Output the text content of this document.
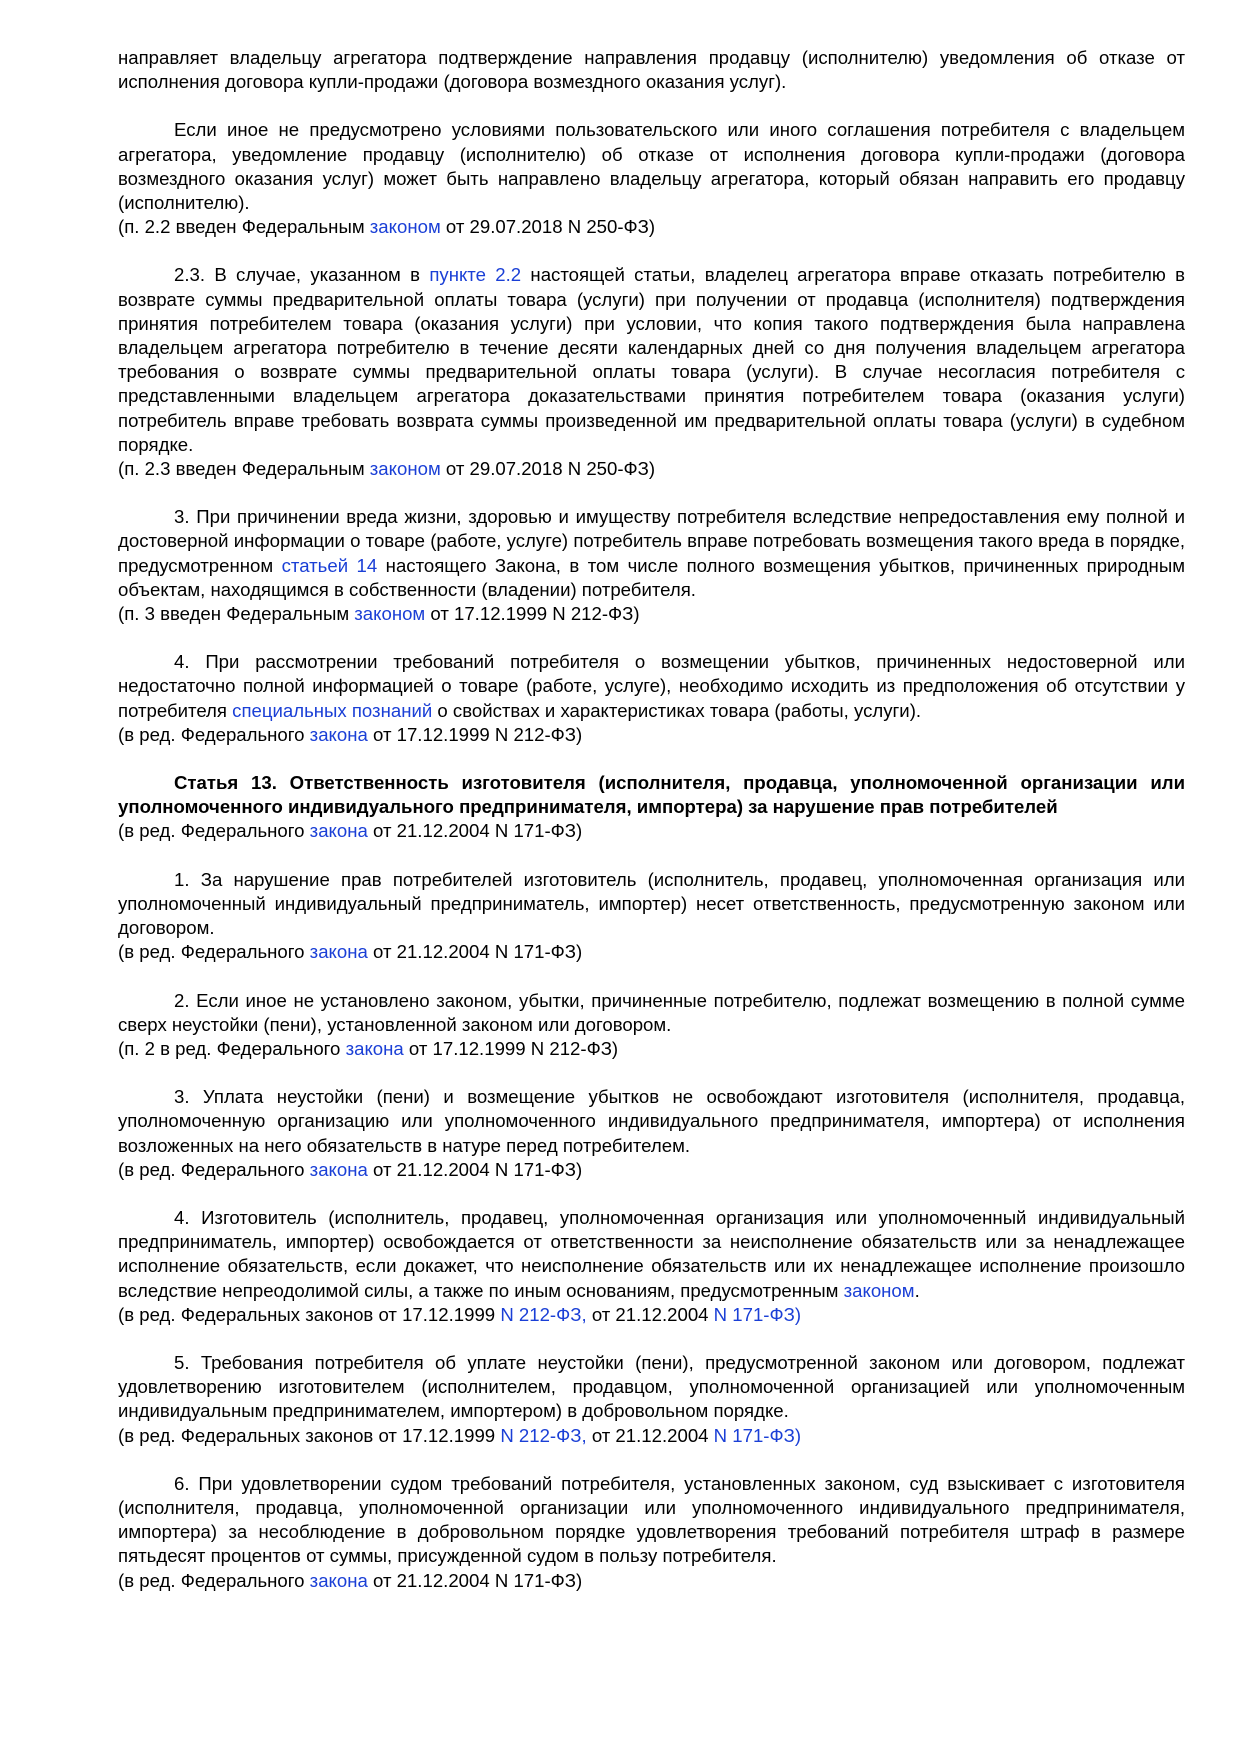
направляет владельцу агрегатора подтверждение направления продавцу (исполнителю) уведомления об отказе от исполнения договора купли-продажи (договора возмездного оказания услуг).

Если иное не предусмотрено условиями пользовательского или иного соглашения потребителя с владельцем агрегатора, уведомление продавцу (исполнителю) об отказе от исполнения договора купли-продажи (договора возмездного оказания услуг) может быть направлено владельцу агрегатора, который обязан направить его продавцу (исполнителю).

(п. 2.2 введен Федеральным законом от 29.07.2018 N 250-ФЗ)

2.3. В случае, указанном в пункте 2.2 настоящей статьи, владелец агрегатора вправе отказать потребителю в возврате суммы предварительной оплаты товара (услуги) при получении от продавца (исполнителя) подтверждения принятия потребителем товара (оказания услуги) при условии, что копия такого подтверждения была направлена владельцем агрегатора потребителю в течение десяти календарных дней со дня получения владельцем агрегатора требования о возврате суммы предварительной оплаты товара (услуги). В случае несогласия потребителя с представленными владельцем агрегатора доказательствами принятия потребителем товара (оказания услуги) потребитель вправе требовать возврата суммы произведенной им предварительной оплаты товара (услуги) в судебном порядке.

(п. 2.3 введен Федеральным законом от 29.07.2018 N 250-ФЗ)

3. При причинении вреда жизни, здоровью и имуществу потребителя вследствие непредоставления ему полной и достоверной информации о товаре (работе, услуге) потребитель вправе потребовать возмещения такого вреда в порядке, предусмотренном статьей 14 настоящего Закона, в том числе полного возмещения убытков, причиненных природным объектам, находящимся в собственности (владении) потребителя.

(п. 3 введен Федеральным законом от 17.12.1999 N 212-ФЗ)

4. При рассмотрении требований потребителя о возмещении убытков, причиненных недостоверной или недостаточно полной информацией о товаре (работе, услуге), необходимо исходить из предположения об отсутствии у потребителя специальных познаний о свойствах и характеристиках товара (работы, услуги).

(в ред. Федерального закона от 17.12.1999 N 212-ФЗ)

Статья 13. Ответственность изготовителя (исполнителя, продавца, уполномоченной организации или уполномоченного индивидуального предпринимателя, импортера) за нарушение прав потребителей

(в ред. Федерального закона от 21.12.2004 N 171-ФЗ)

1. За нарушение прав потребителей изготовитель (исполнитель, продавец, уполномоченная организация или уполномоченный индивидуальный предприниматель, импортер) несет ответственность, предусмотренную законом или договором.

(в ред. Федерального закона от 21.12.2004 N 171-ФЗ)

2. Если иное не установлено законом, убытки, причиненные потребителю, подлежат возмещению в полной сумме сверх неустойки (пени), установленной законом или договором.

(п. 2 в ред. Федерального закона от 17.12.1999 N 212-ФЗ)

3. Уплата неустойки (пени) и возмещение убытков не освобождают изготовителя (исполнителя, продавца, уполномоченную организацию или уполномоченного индивидуального предпринимателя, импортера) от исполнения возложенных на него обязательств в натуре перед потребителем.

(в ред. Федерального закона от 21.12.2004 N 171-ФЗ)

4. Изготовитель (исполнитель, продавец, уполномоченная организация или уполномоченный индивидуальный предприниматель, импортер) освобождается от ответственности за неисполнение обязательств или за ненадлежащее исполнение обязательств, если докажет, что неисполнение обязательств или их ненадлежащее исполнение произошло вследствие непреодолимой силы, а также по иным основаниям, предусмотренным законом.

(в ред. Федеральных законов от 17.12.1999 N 212-ФЗ, от 21.12.2004 N 171-ФЗ)

5. Требования потребителя об уплате неустойки (пени), предусмотренной законом или договором, подлежат удовлетворению изготовителем (исполнителем, продавцом, уполномоченной организацией или уполномоченным индивидуальным предпринимателем, импортером) в добровольном порядке.

(в ред. Федеральных законов от 17.12.1999 N 212-ФЗ, от 21.12.2004 N 171-ФЗ)

6. При удовлетворении судом требований потребителя, установленных законом, суд взыскивает с изготовителя (исполнителя, продавца, уполномоченной организации или уполномоченного индивидуального предпринимателя, импортера) за несоблюдение в добровольном порядке удовлетворения требований потребителя штраф в размере пятьдесят процентов от суммы, присужденной судом в пользу потребителя.

(в ред. Федерального закона от 21.12.2004 N 171-ФЗ)
